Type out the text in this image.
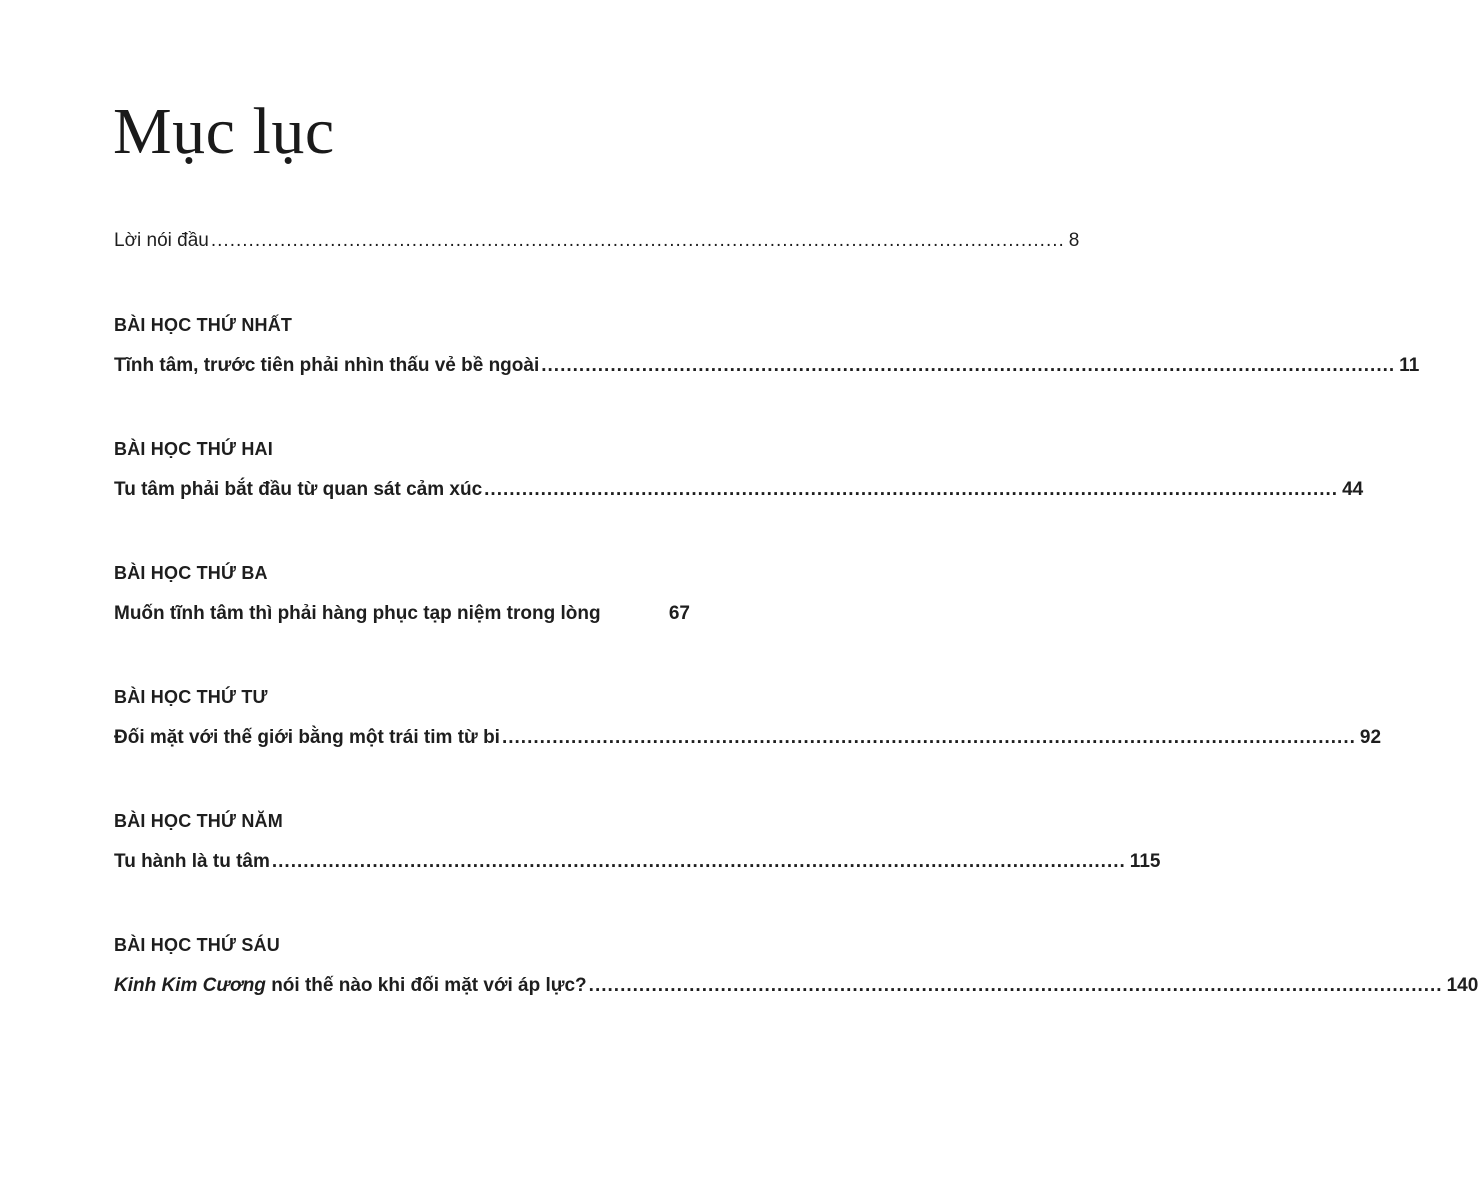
Mục lục
Lời nói đầu ........................................................................................................................................ 8
BÀI HỌC THỨ NHẤT
Tĩnh tâm, trước tiên phải nhìn thấu vẻ bề ngoài ........................................................................................................................................ 11
BÀI HỌC THỨ HAI
Tu tâm phải bắt đầu từ quan sát cảm xúc ........................................................................................................................................ 44
BÀI HỌC THỨ BA
Muốn tĩnh tâm thì phải hàng phục tạp niệm trong lòng	67
BÀI HỌC THỨ TƯ
Đối mặt với thế giới bằng một trái tim từ bi ........................................................................................................................................ 92
BÀI HỌC THỨ NĂM
Tu hành là tu tâm ........................................................................................................................................ 115
BÀI HỌC THỨ SÁU
Kinh Kim Cương nói thế nào khi đối mặt với áp lực? ........................................................................................................................................ 140
